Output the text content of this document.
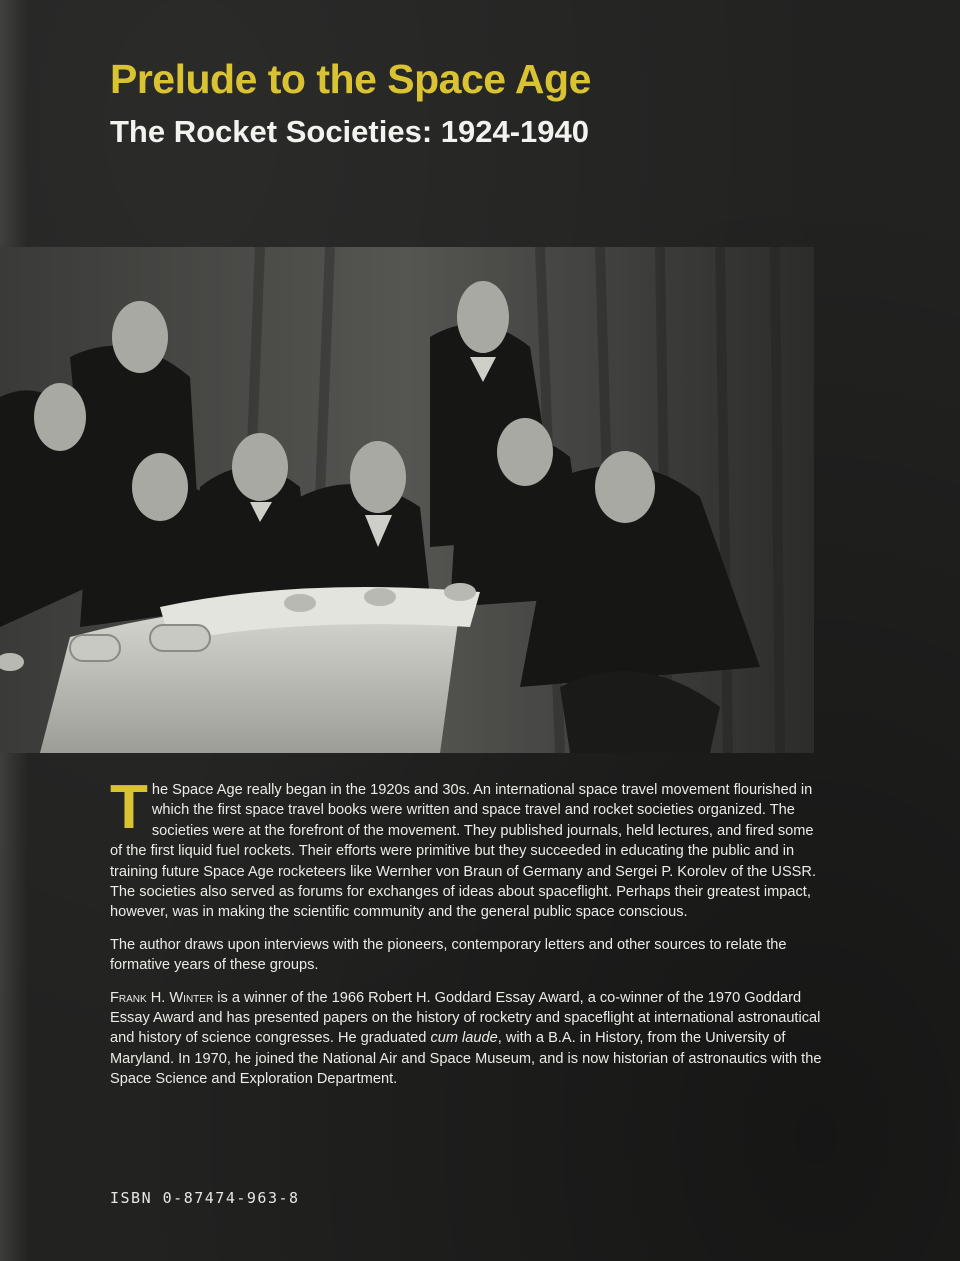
Prelude to the Space Age
The Rocket Societies: 1924-1940

The Space Age really began in the 1920s and 30s. An international space travel movement flourished in which the first space travel books were written and space travel and rocket societies organized. The societies were at the forefront of the movement. They published journals, held lectures, and fired some of the first liquid fuel rockets. Their efforts were primitive but they succeeded in educating the public and in training future Space Age rocketeers like Wernher von Braun of Germany and Sergei P. Korolev of the USSR. The societies also served as forums for exchanges of ideas about spaceflight. Perhaps their greatest impact, however, was in making the scientific community and the general public space conscious.

The author draws upon interviews with the pioneers, contemporary letters and other sources to relate the formative years of these groups.

Frank H. Winter is a winner of the 1966 Robert H. Goddard Essay Award, a co-winner of the 1970 Goddard Essay Award and has presented papers on the history of rocketry and spaceflight at international astronautical and history of science congresses. He graduated cum laude, with a B.A. in History, from the University of Maryland. In 1970, he joined the National Air and Space Museum, and is now historian of astronautics with the Space Science and Exploration Department.

ISBN 0-87474-963-8
